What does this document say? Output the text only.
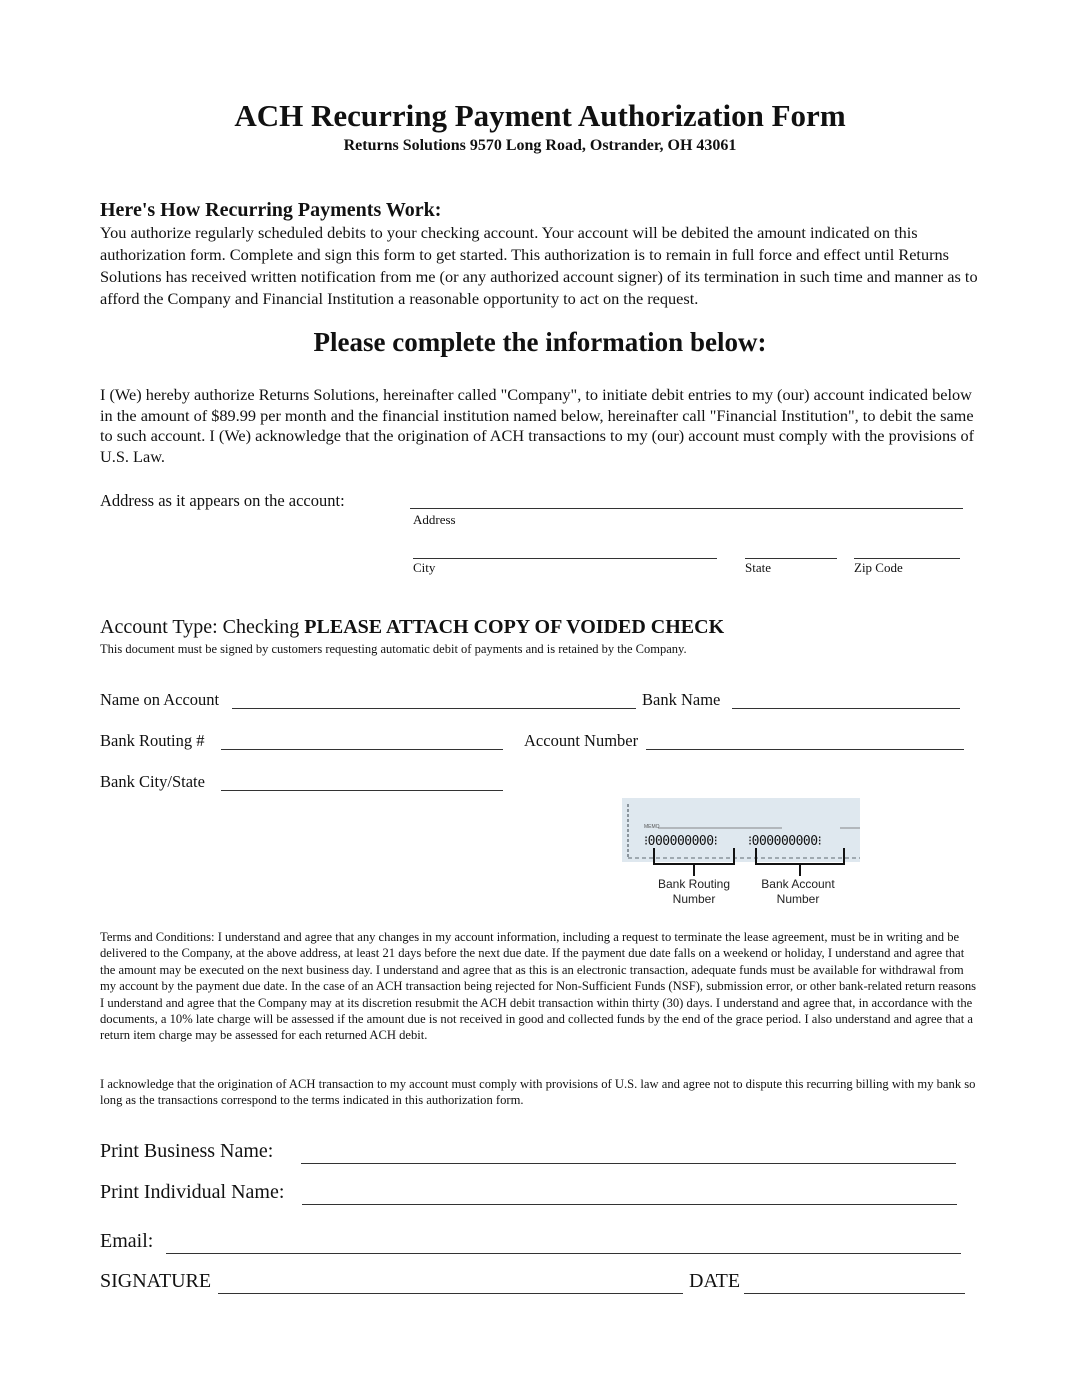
ACH Recurring Payment Authorization Form
Returns Solutions 9570 Long Road, Ostrander, OH 43061
Here's How Recurring Payments Work:
You authorize regularly scheduled debits to your checking account. Your account will be debited the amount indicated on this authorization form. Complete and sign this form to get started. This authorization is to remain in full force and effect until Returns Solutions has received written notification from me (or any authorized account signer) of its termination in such time and manner as to afford the Company and Financial Institution a reasonable opportunity to act on the request.
Please complete the information below:
I (We) hereby authorize Returns Solutions, hereinafter called "Company", to initiate debit entries to my (our) account indicated below in the amount of $89.99 per month and the financial institution named below, hereinafter call "Financial Institution", to debit the same to such account. I (We) acknowledge that the origination of ACH transactions to my (our) account must comply with the provisions of U.S. Law.
Address as it appears on the account:
Address
City	State	Zip Code
Account Type: Checking PLEASE ATTACH COPY OF VOIDED CHECK
This document must be signed by customers requesting automatic debit of payments and is retained by the Company.
Name on Account	Bank Name
Bank Routing #	Account Number
Bank City/State
MEMO
⁝000000000⁝ ⁝000000000⁝
Bank Routing
Number
Bank Account
Number
Terms and Conditions: I understand and agree that any changes in my account information, including a request to terminate the lease agreement, must be in writing and be delivered to the Company, at the above address, at least 21 days before the next due date. If the payment due date falls on a weekend or holiday, I understand and agree that the amount may be executed on the next business day. I understand and agree that as this is an electronic transaction, adequate funds must be available for withdrawal from my account by the payment due date. In the case of an ACH transaction being rejected for Non-Sufficient Funds (NSF), submission error, or other bank-related return reasons I understand and agree that the Company may at its discretion resubmit the ACH debit transaction within thirty (30) days. I understand and agree that, in accordance with the documents, a 10% late charge will be assessed if the amount due is not received in good and collected funds by the end of the grace period. I also understand and agree that a return item charge may be assessed for each returned ACH debit.
I acknowledge that the origination of ACH transaction to my account must comply with provisions of U.S. law and agree not to dispute this recurring billing with my bank so long as the transactions correspond to the terms indicated in this authorization form.
Print Business Name:
Print Individual Name:
Email:
SIGNATURE	DATE
